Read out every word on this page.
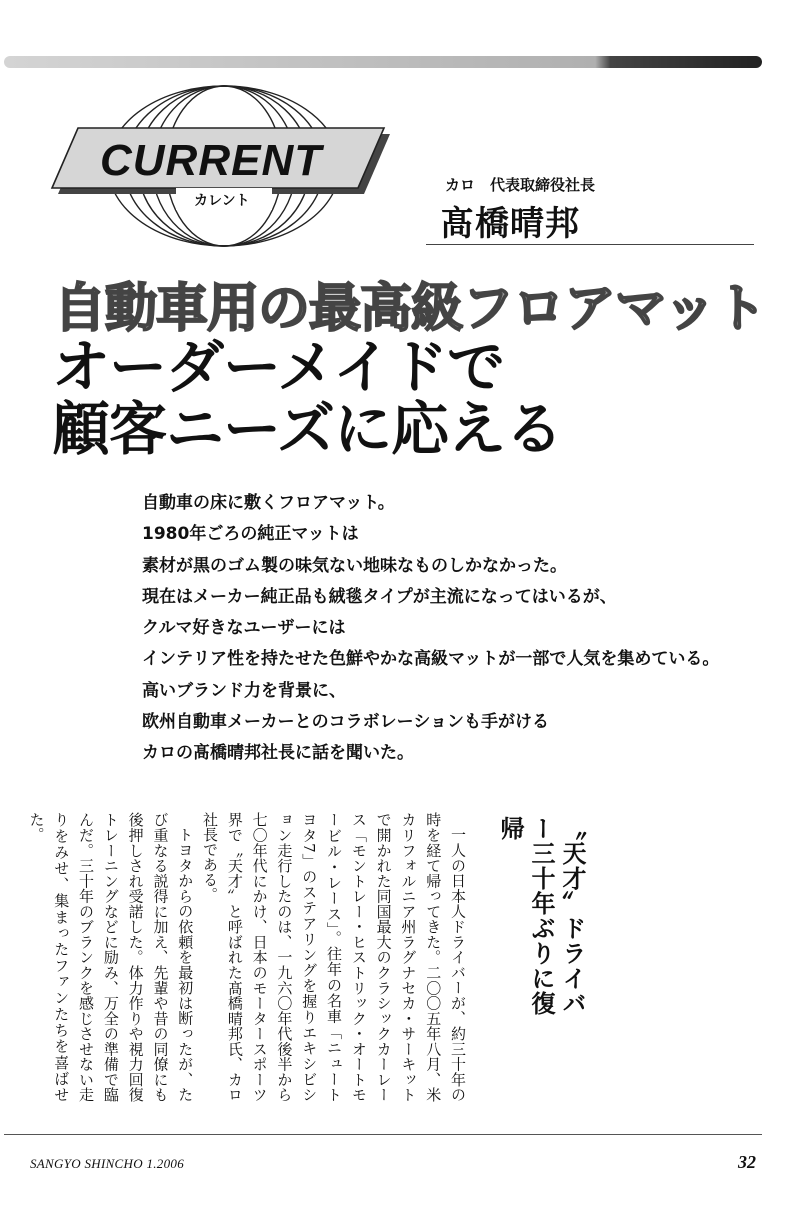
CURRENT
カレント
カロ　代表取締役社長
髙橋晴邦
自動車用の最高級フロアマット
オーダーメイドで
顧客ニーズに応える
自動車の床に敷くフロアマット。
1980年ごろの純正マットは
素材が黒のゴム製の味気ない地味なものしかなかった。
現在はメーカー純正品も絨毯タイプが主流になってはいるが、
クルマ好きなユーザーには
インテリア性を持たせた色鮮やかな高級マットが一部で人気を集めている。
高いブランド力を背景に、
欧州自動車メーカーとのコラボレーションも手がける
カロの髙橋晴邦社長に話を聞いた。
〝天才〟ドライバー三十年ぶりに復帰

一人の日本人ドライバーが、約三十年の時を経て帰ってきた。二〇〇五年八月、米カリフォルニア州ラグナセカ・サーキットで開かれた同国最大のクラシックカーレース「モントレー・ヒストリック・オートモービル・レース」。往年の名車「ニュートヨタ7」のステアリングを握りエキシビション走行したのは、一九六〇年代後半から七〇年代にかけ、日本のモータースポーツ界で〝天才〟と呼ばれた髙橋晴邦氏、カロ社長である。

トヨタからの依頼を最初は断ったが、たび重なる説得に加え、先輩や昔の同僚にも後押しされ受諾した。体力作りや視力回復トレーニングなどに励み、万全の準備で臨んだ。三十年のブランクを感じさせない走りをみせ、集まったファンたちを喜ばせた。

SANGYO SHINCHO 1.2006	32
